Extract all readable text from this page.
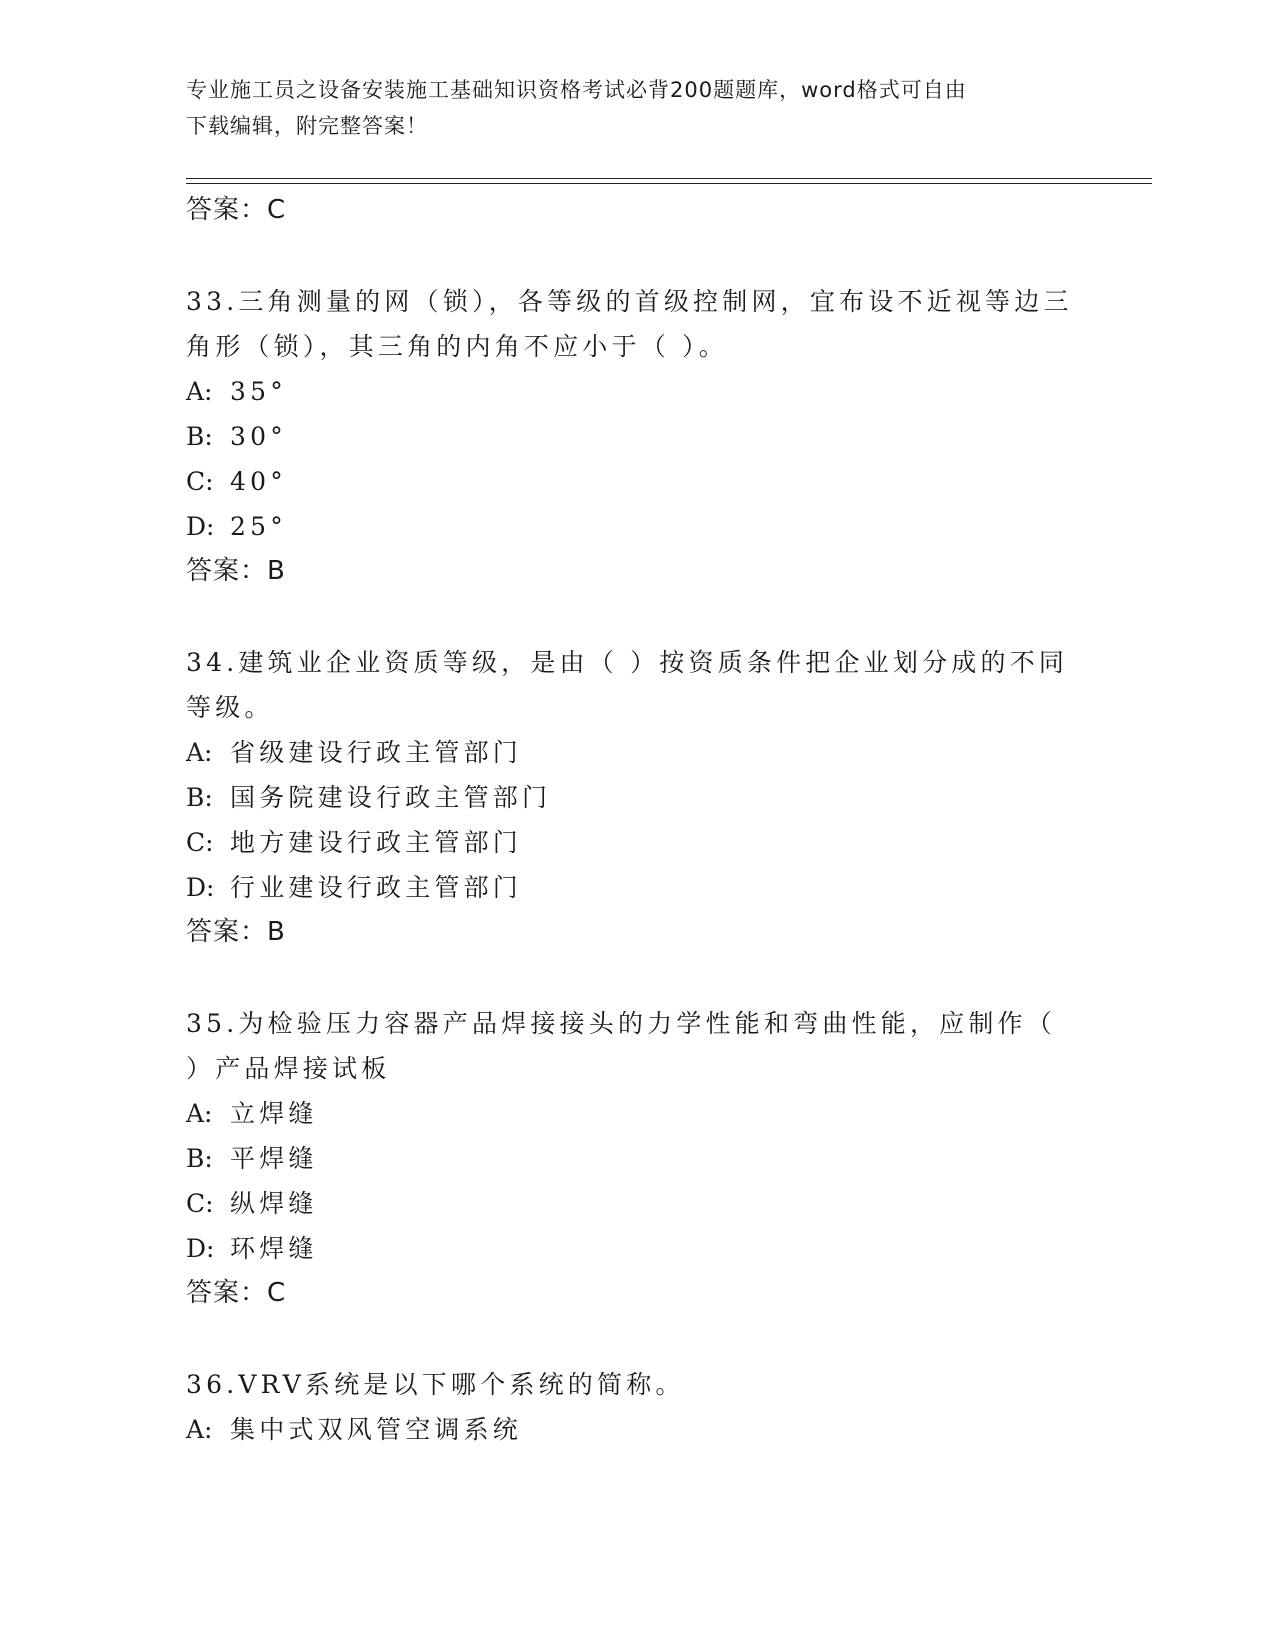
专业施工员之设备安装施工基础知识资格考试必背200题题库，word格式可自由
下载编辑，附完整答案！
答案：C
33.三角测量的网（锁），各等级的首级控制网，宜布设不近视等边三
角形（锁），其三角的内角不应小于（ ）。
A: 35°
B: 30°
C: 40°
D: 25°
答案：B
34.建筑业企业资质等级，是由（ ）按资质条件把企业划分成的不同
等级。
A: 省级建设行政主管部门
B: 国务院建设行政主管部门
C: 地方建设行政主管部门
D: 行业建设行政主管部门
答案：B
35.为检验压力容器产品焊接接头的力学性能和弯曲性能，应制作（
）产品焊接试板
A: 立焊缝
B: 平焊缝
C: 纵焊缝
D: 环焊缝
答案：C
36.VRV系统是以下哪个系统的简称。
A: 集中式双风管空调系统
